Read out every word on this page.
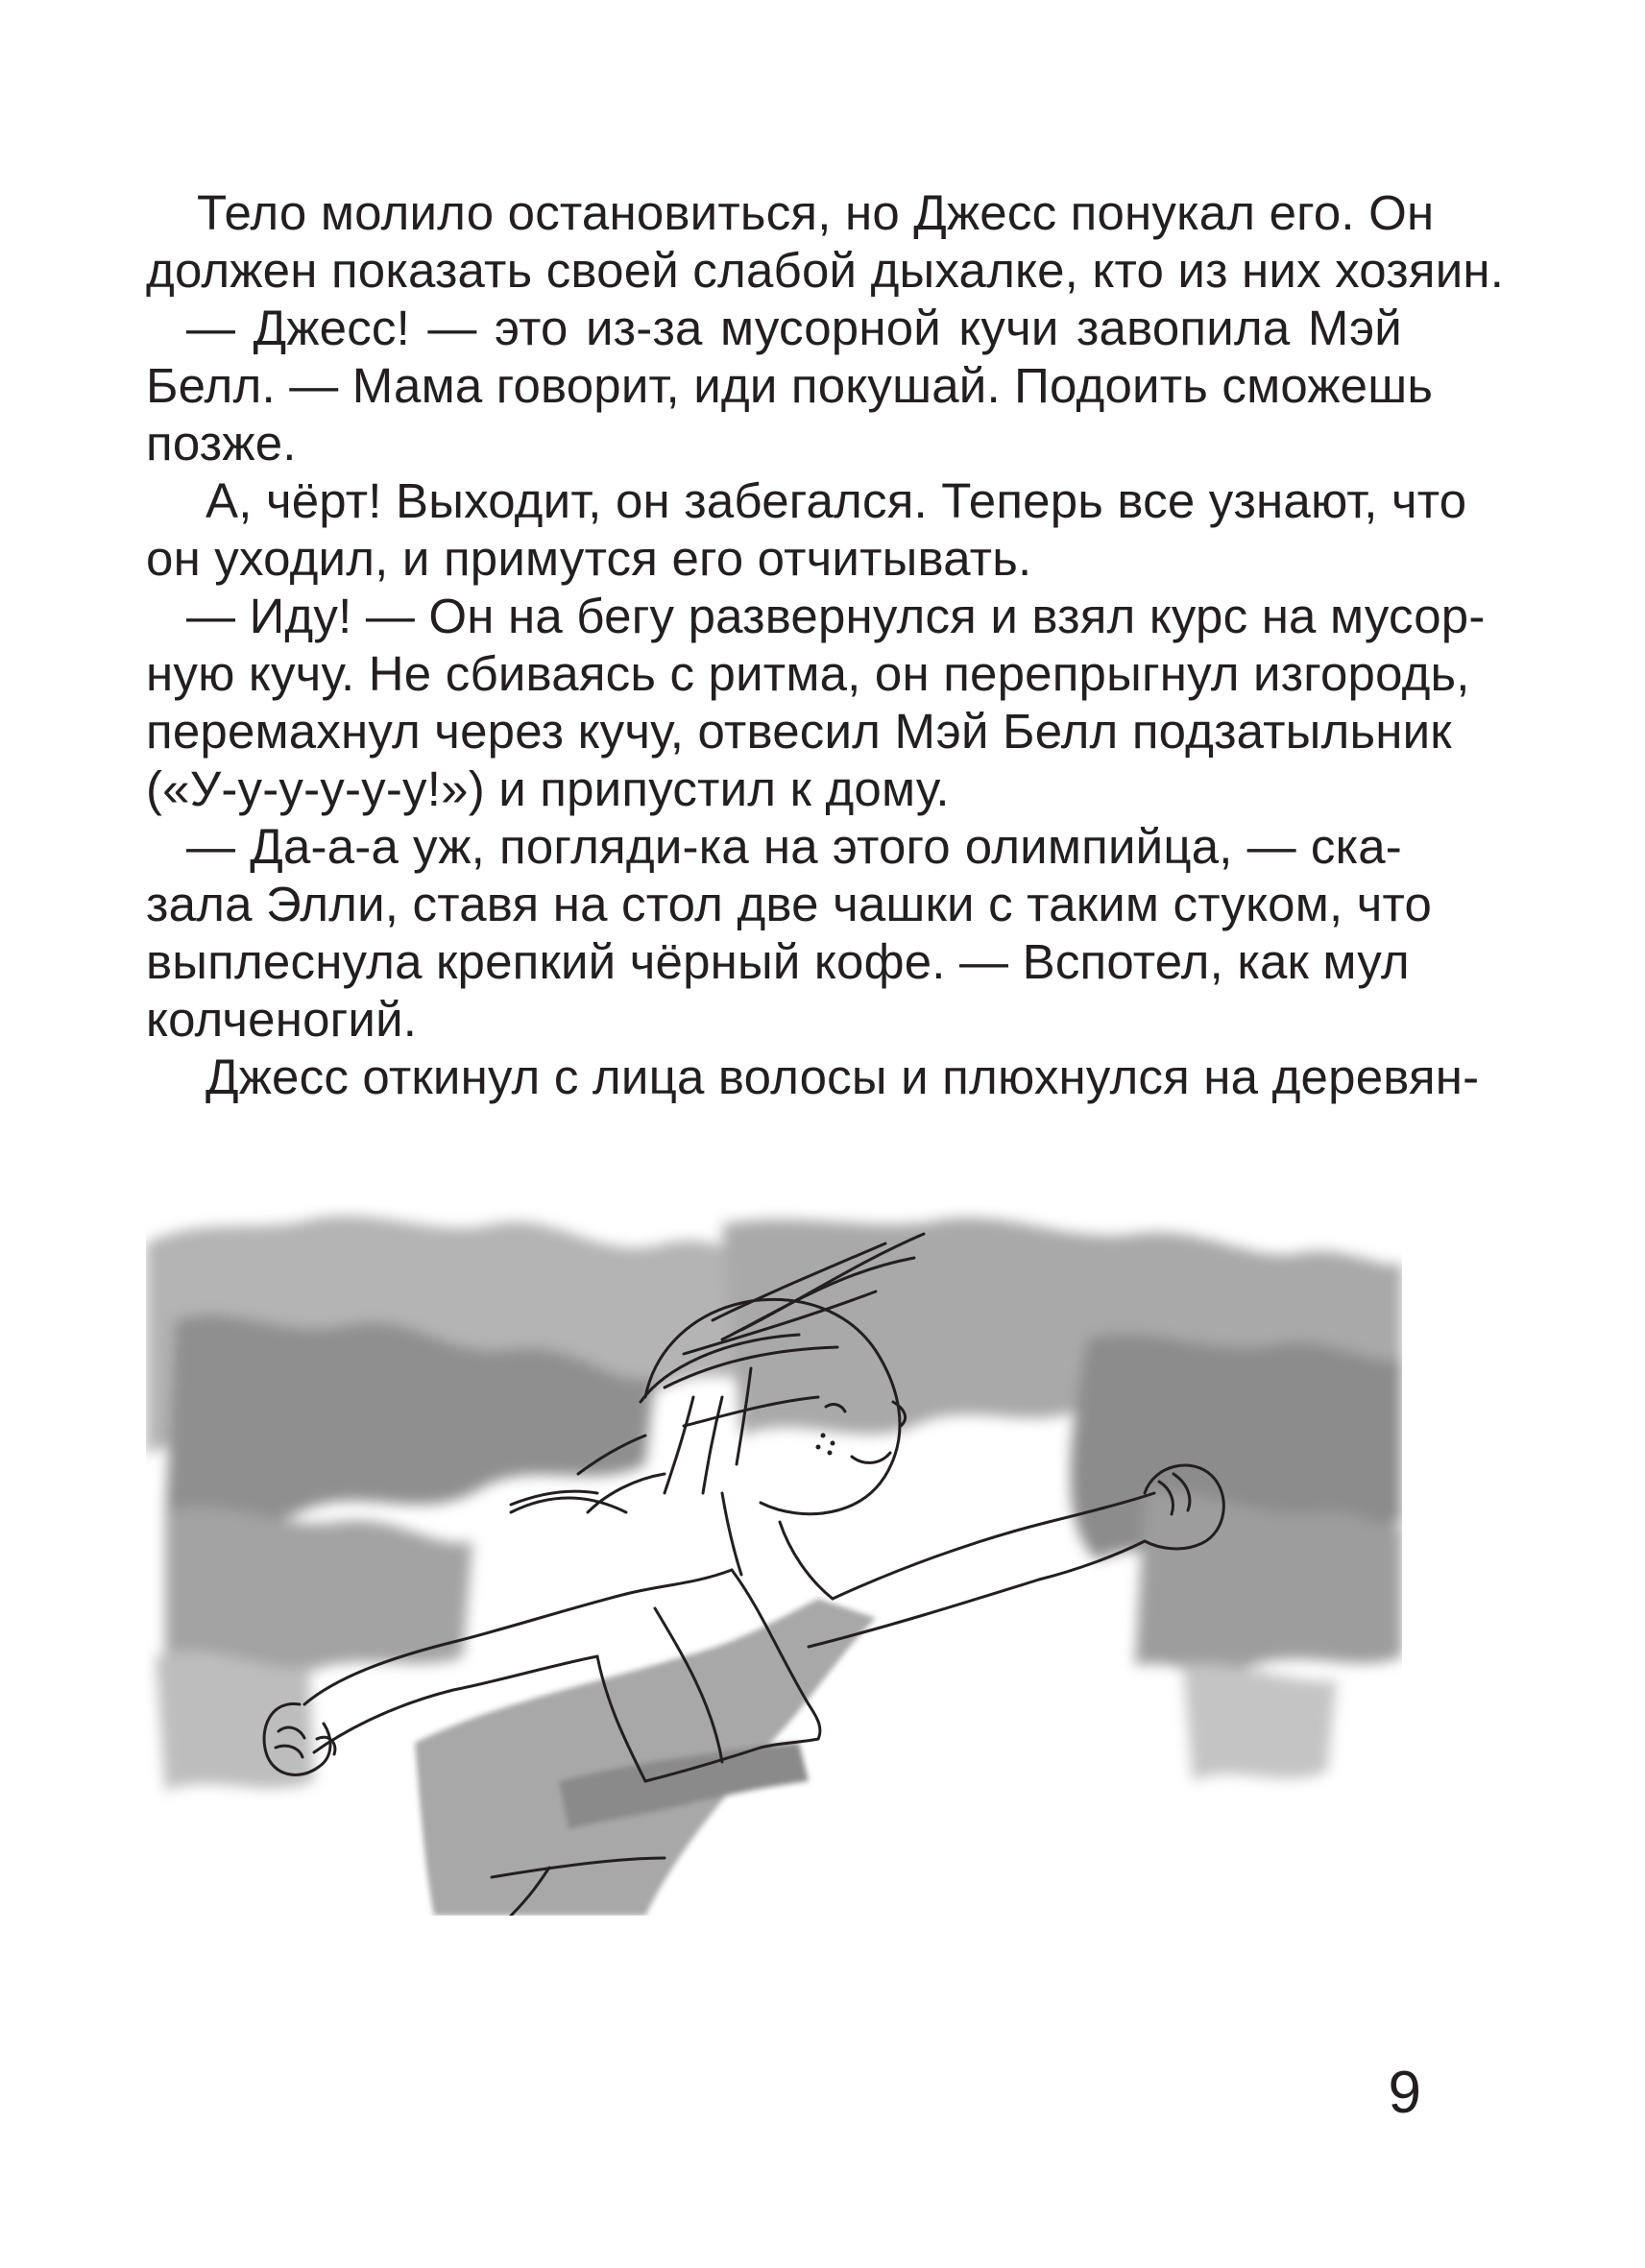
Тело молило остановиться, но Джесс понукал его. Он
должен показать своей слабой дыхалке, кто из них хозяин.
— Джесс! — это из-за мусорной кучи завопила Мэй
Белл. — Мама говорит, иди покушай. Подоить сможешь
позже.
А, чёрт! Выходит, он забегался. Теперь все узнают, что
он уходил, и примутся его отчитывать.
— Иду! — Он на бегу развернулся и взял курс на мусор-
ную кучу. Не сбиваясь с ритма, он перепрыгнул изгородь,
перемахнул через кучу, отвесил Мэй Белл подзатыльник
(«У-у-у-у-у-у!») и припустил к дому.
— Да-а-а уж, погляди-ка на этого олимпийца, — ска-
зала Элли, ставя на стол две чашки с таким стуком, что
выплеснула крепкий чёрный кофе. — Вспотел, как мул
колченогий.
Джесс откинул с лица волосы и плюхнулся на деревян-
9
